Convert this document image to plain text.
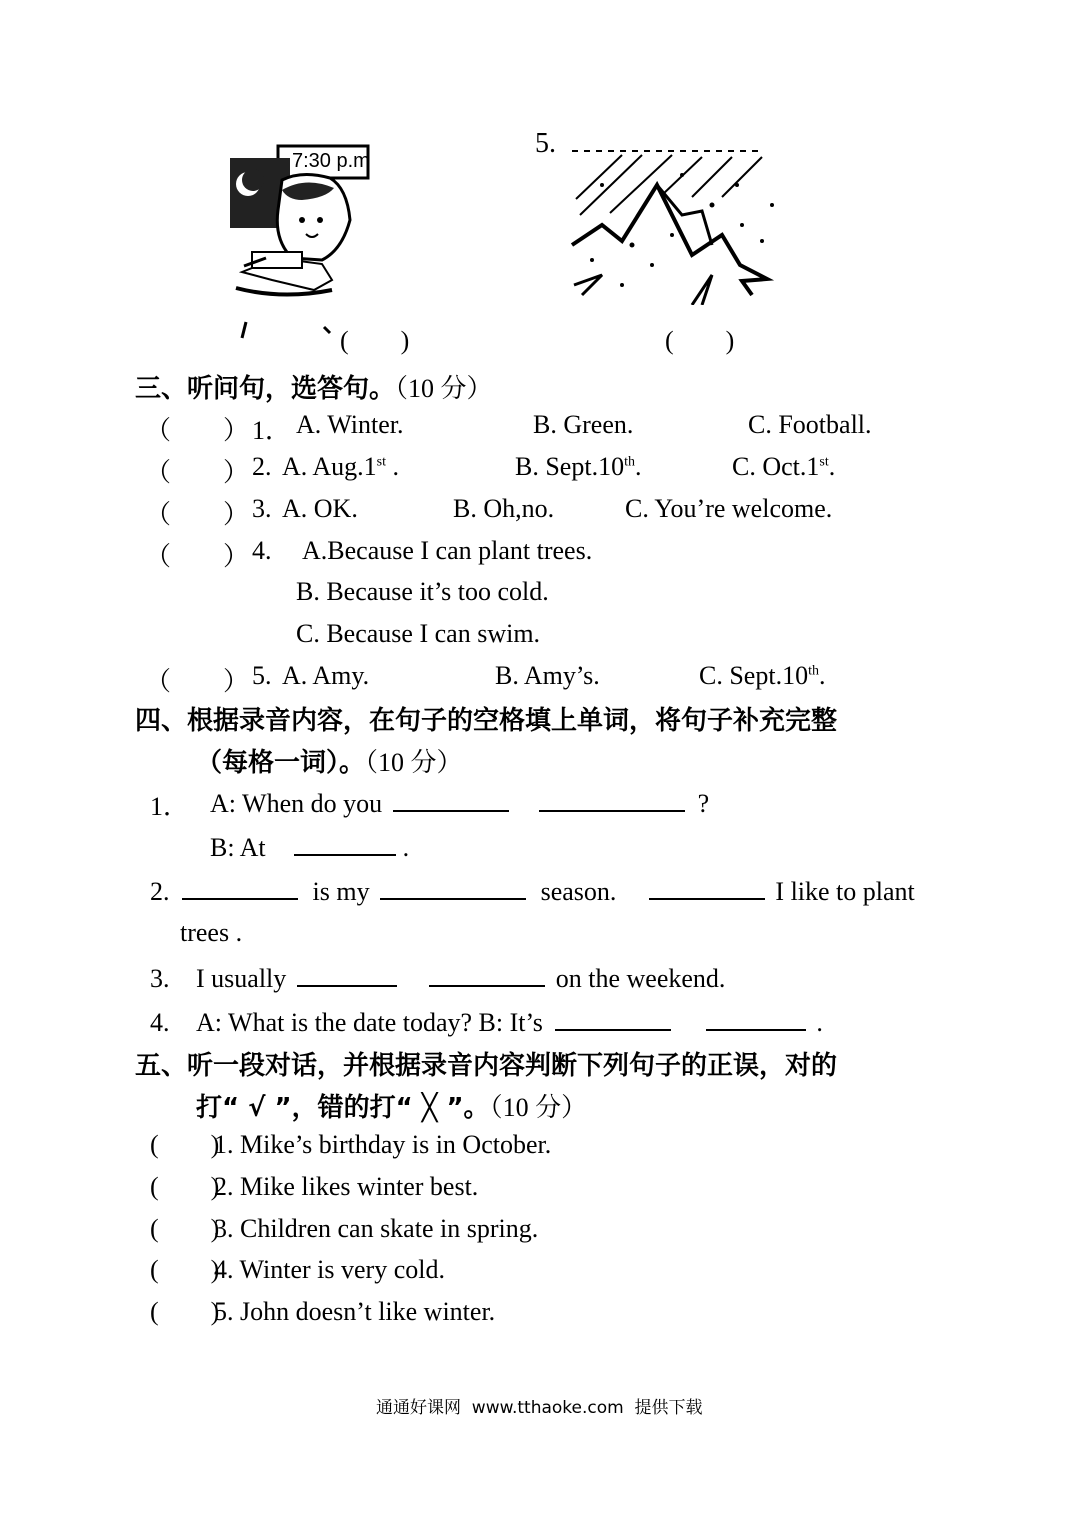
7:30 p.m
5.
(        )	(        )
三、听问句，选答句。（10 分）
（        ） 1． A. Winter.	B. Green.	C. Football.
（        ） 2. A. Aug.1st .	B. Sept.10th.	C. Oct.1st.
（        ） 3. A. OK.	B. Oh,no.	C. You’re welcome.
（        ） 4. A.Because I can plant trees.
B. Because it’s too cold.
C. Because I can swim.
（        ） 5. A. Amy.	B. Amy’s.	C. Sept.10th.
四、根据录音内容，在句子的空格填上单词，将句子补充完整
（每格一词）。（10 分）
1． A: When do you	?
B: At	.
2.	is my	season.	I like to plant
trees .
3. I usually	on the weekend.
4. A: What is the date today? B: It’s	.
五、听一段对话，并根据录音内容判断下列句子的正误，对的
打“ √ ”，错的打“ ╳ ”。（10 分）
(        )
1. Mike’s birthday is in October.
(        )
2. Mike likes winter best.
(        )
3. Children can skate in spring.
(        )
4. Winter is very cold.
(        )
5. John doesn’t like winter.
通通好课网  www.tthaoke.com  提供下载
